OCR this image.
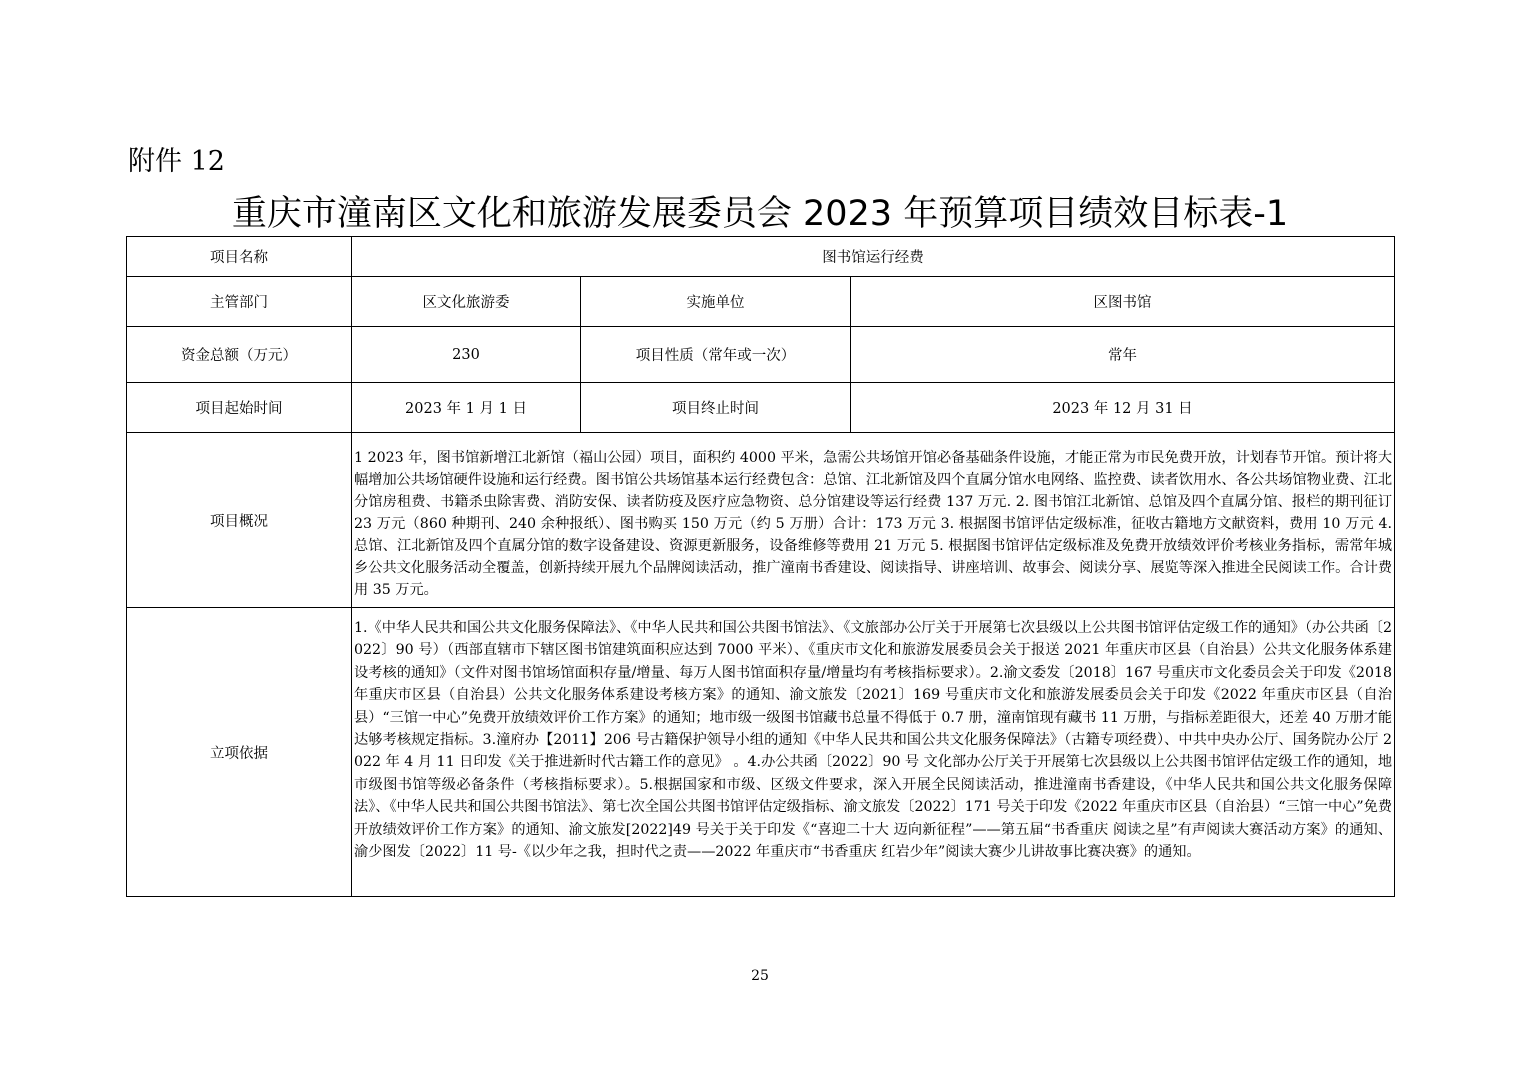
附件 12
重庆市潼南区文化和旅游发展委员会 2023 年预算项目绩效目标表-1
项目名称	图书馆运行经费		
主管部门	区文化旅游委	实施单位	区图书馆
资金总额（万元）	230	项目性质（常年或一次）	常年
项目起始时间	2023 年 1 月 1 日	项目终止时间	2023 年 12 月 31 日
项目概况	1 2023 年，图书馆新增江北新馆（福山公园）项目，面积约 4000 平米，急需公共场馆开馆必备基础条件设施，才能正常为市民免费开放，计划春节开馆。预计将大幅增加公共场馆硬件设施和运行经费。图书馆公共场馆基本运行经费包含：总馆、江北新馆及四个直属分馆水电网络、监控费、读者饮用水、各公共场馆物业费、江北分馆房租费、书籍杀虫除害费、消防安保、读者防疫及医疗应急物资、总分馆建设等运行经费 137 万元. 2. 图书馆江北新馆、总馆及四个直属分馆、报栏的期刊征订 23 万元（860 种期刊、240 余种报纸）、图书购买 150 万元（约 5 万册）合计：173 万元 3. 根据图书馆评估定级标准，征收古籍地方文献资料，费用 10 万元 4. 总馆、江北新馆及四个直属分馆的数字设备建设、资源更新服务，设备维修等费用 21 万元 5. 根据图书馆评估定级标准及免费开放绩效评价考核业务指标，需常年城乡公共文化服务活动全覆盖，创新持续开展九个品牌阅读活动，推广潼南书香建设、阅读指导、讲座培训、故事会、阅读分享、展览等深入推进全民阅读工作。合计费用 35 万元。		
立项依据	1.《中华人民共和国公共文化服务保障法》、《中华人民共和国公共图书馆法》、《文旅部办公厅关于开展第七次县级以上公共图书馆评估定级工作的通知》（办公共函〔2022〕90 号）（西部直辖市下辖区图书馆建筑面积应达到 7000 平米）、《重庆市文化和旅游发展委员会关于报送 2021 年重庆市区县（自治县）公共文化服务体系建设考核的通知》（文件对图书馆场馆面积存量/增量、每万人图书馆面积存量/增量均有考核指标要求）。2.渝文委发〔2018〕167 号重庆市文化委员会关于印发《2018 年重庆市区县（自治县）公共文化服务体系建设考核方案》的通知、渝文旅发〔2021〕169 号重庆市文化和旅游发展委员会关于印发《2022 年重庆市区县（自治县）“三馆一中心”免费开放绩效评价工作方案》的通知；地市级一级图书馆藏书总量不得低于 0.7 册，潼南馆现有藏书 11 万册，与指标差距很大，还差 40 万册才能达够考核规定指标。3.潼府办【2011】206 号古籍保护领导小组的通知《中华人民共和国公共文化服务保障法》（古籍专项经费）、中共中央办公厅、国务院办公厅 2022 年 4 月 11 日印发《关于推进新时代古籍工作的意见》 。4.办公共函〔2022〕90 号 文化部办公厅关于开展第七次县级以上公共图书馆评估定级工作的通知，地市级图书馆等级必备条件（考核指标要求）。5.根据国家和市级、区级文件要求，深入开展全民阅读活动，推进潼南书香建设，《中华人民共和国公共文化服务保障法》、《中华人民共和国公共图书馆法》、第七次全国公共图书馆评估定级指标、渝文旅发〔2022〕171 号关于印发《2022 年重庆市区县（自治县）“三馆一中心”免费开放绩效评价工作方案》的通知、渝文旅发[2022]49 号关于关于印发《“喜迎二十大 迈向新征程”——第五届“书香重庆 阅读之星”有声阅读大赛活动方案》的通知、渝少图发〔2022〕11 号-《以少年之我，担时代之责——2022 年重庆市“书香重庆 红岩少年”阅读大赛少儿讲故事比赛决赛》的通知。		
25
